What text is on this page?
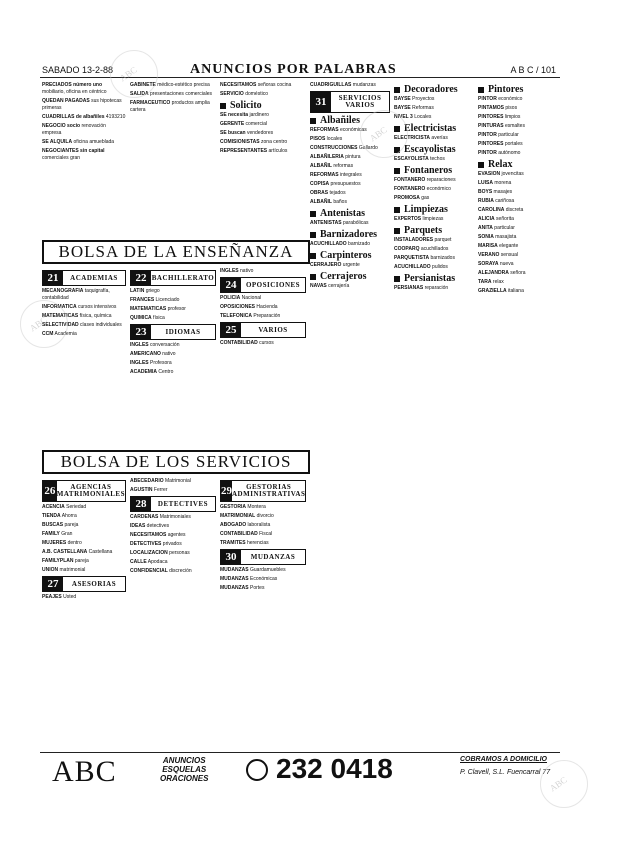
SABADO 13-2-88	ANUNCIOS POR PALABRAS	A B C / 101

PRECIADOS número uno mobiliario, oficina en céntrico

QUEDAN PAGADAS sus hipotecas primeras

CUADRILLAS de albañiles 4193210

NEGOCIO socio renovación empresa

SE ALQUILA oficina amueblada

NEGOCIANTES sin capital comerciales gran

GABINETE médico-estético precisa

SALIDA presentaciones comerciales

FARMACEUTICO productos amplia cartera

NECESITAMOS señoras cocina

SERVICIO doméstico

Solicito

SE necesita jardinero

GERENTE comercial

SE buscan vendedores

COMISIONISTAS zona centro

REPRESENTANTES artículos

BOLSA DE LA ENSEÑANZA
21	ACADEMIAS

MECANOGRAFIA taquigrafía, contabilidad

INFORMATICA cursos intensivos

MATEMATICAS física, química

SELECTIVIDAD clases individuales

CCM Academia

22 BACHILLERATO

LATIN griego

FRANCES Licenciado

MATEMATICAS profesor

QUIMICA física

23	IDIOMAS

INGLES conversación

AMERICANO nativo

INGLES Profesora

ACADEMIA Centro

INGLES nativo

24	OPOSICIONES

POLICIA Nacional

OPOSICIONES Hacienda

TELEFONICA Preparación

25	VARIOS

CONTABILIDAD cursos

BOLSA DE LOS SERVICIOS
26	AGENCIAS MATRIMONIALES

ACENCIA Seriedad

TIENDA Ahorra

BUSCAS pareja

FAMILY Gran

MUJERES dentro

A.B. CASTELLANA Castellana

FAMILYPLAN pareja

UNION matrimonial

27	ASESORIAS

PEAJES Usted

ABECEDARIO Matrimonial

AGUSTIN Ferrer

28	DETECTIVES

CARDENAS Matrimoniales

IDEAS detectives

NECESITAMOS agentes

DETECTIVES privados

LOCALIZACION personas

CALLE Apodaca

CONFIDENCIAL discreción

29	GESTORIAS ADMINISTRATIVAS

GESTORIA Montera

MATRIMONIAL divorcio

ABOGADO laboralista

CONTABILIDAD Fiscal

TRAMITES herencias

30	MUDANZAS

MUDANZAS Guardamuebles

MUDANZAS Económicas

MUDANZAS Portes

CUADRIGUILLAS mudanzas

31	SERVICIOS VARIOS
Albañiles

REFORMAS económicas

PISOS locales

CONSTRUCCIONES Gallardo

ALBAÑILERIA pintura

ALBAÑIL reformas

REFORMAS integrales

COPISA presupuestos

OBRAS tejados

ALBAÑIL baños

Antenistas

ANTENISTAS parabólicas

Barnizadores

ACUCHILLADO barnizado

Carpinteros

CERRAJERO urgente

Cerrajeros

NAVAS cerrajería

Decoradores

BAYSE Proyectos

BAYSE Reformas

NIVEL 3 Locales

Electricistas

ELECTRICISTA averías

Escayolistas

ESCAYOLISTA techos

Fontaneros

FONTANERO reparaciones

FONTANERO económico

PROMOSA gas

Limpiezas

EXPERTOS limpiezas

Parquets

INSTALADORES parquet

COOPARQ acuchillados

PARQUETISTA barnizados

ACUCHILLADO pulidos

Persianistas

PERSIANAS reparación

Pintores

PINTOR económico

PINTAMOS pisos

PINTORES limpios

PINTURAS esmaltes

PINTOR particular

PINTORES portales

PINTOR autónomo

Relax

EVASION jovencitas

LUISA morena

BOYS masajes

RUBIA cariñosa

CAROLINA discreta

ALICIA señorita

ANITA particular

SONIA masajista

MARISA elegante

VERANO sensual

SORAYA nueva

ALEJANDRA señora

TARA relax

GRAZIELLA italiana

ABC	ANUNCIOS
ESQUELAS
ORACIONES 232 0418	COBRAMOS A DOMICILIO
P. Clavell, S.L. Fuencarral 77
ABC
ABC
ABC
ABC
